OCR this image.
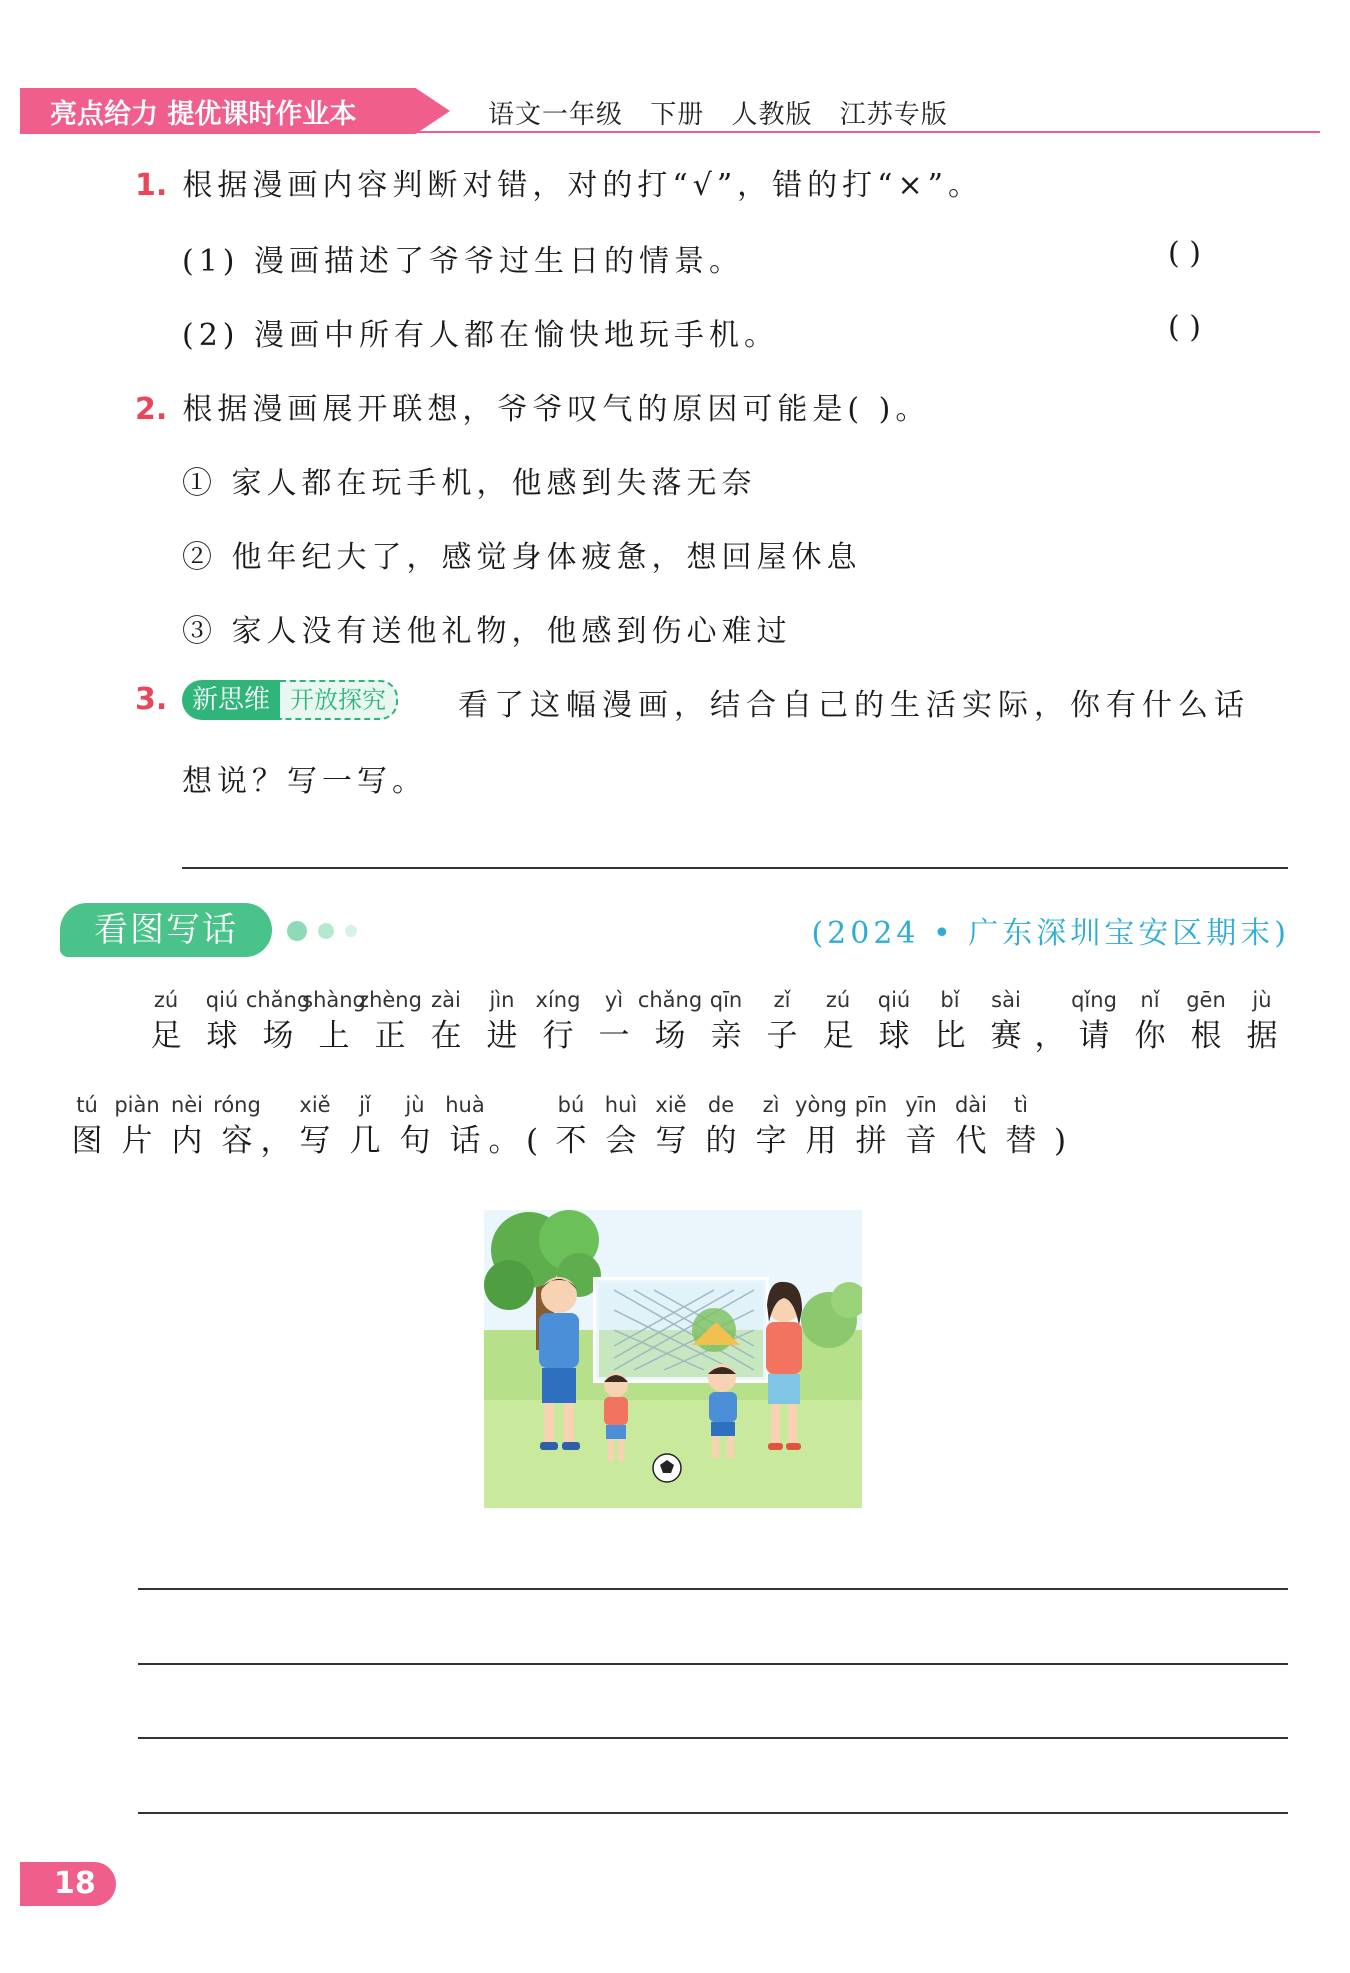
亮点给力 提优课时作业本	语文一年级 下册 人教版 江苏专版
1. 根据漫画内容判断对错，对的打“√”，错的打“×”。
(1) 漫画描述了爷爷过生日的情景。	( )
(2) 漫画中所有人都在愉快地玩手机。	( )
2. 根据漫画展开联想，爷爷叹气的原因可能是( )。
① 家人都在玩手机，他感到失落无奈
② 他年纪大了，感觉身体疲惫，想回屋休息
③ 家人没有送他礼物，他感到伤心难过
3. 新思维 开放探究	看了这幅漫画，结合自己的生活实际，你有什么话
想说？写一写。
看图写话	(2024 • 广东深圳宝安区期末)
zú
足
qiú
球
chǎng
场
shàng
上
zhèng
正
zài
在
jìn
进
xíng
行
yì
一
chǎng
场
qīn
亲
zǐ
子
zú
足
qiú
球
bǐ
比
sài
赛 ，
qǐng
请
nǐ
你
gēn
根
jù
据
tú
图
piàn
片
nèi
内
róng
容 ，
xiě
写
jǐ
几
jù
句
huà
话 。 (
bú
不
huì
会
xiě
写
de
的
zì
字
yòng
用
pīn
拼
yīn
音
dài
代
tì
替 )
18
